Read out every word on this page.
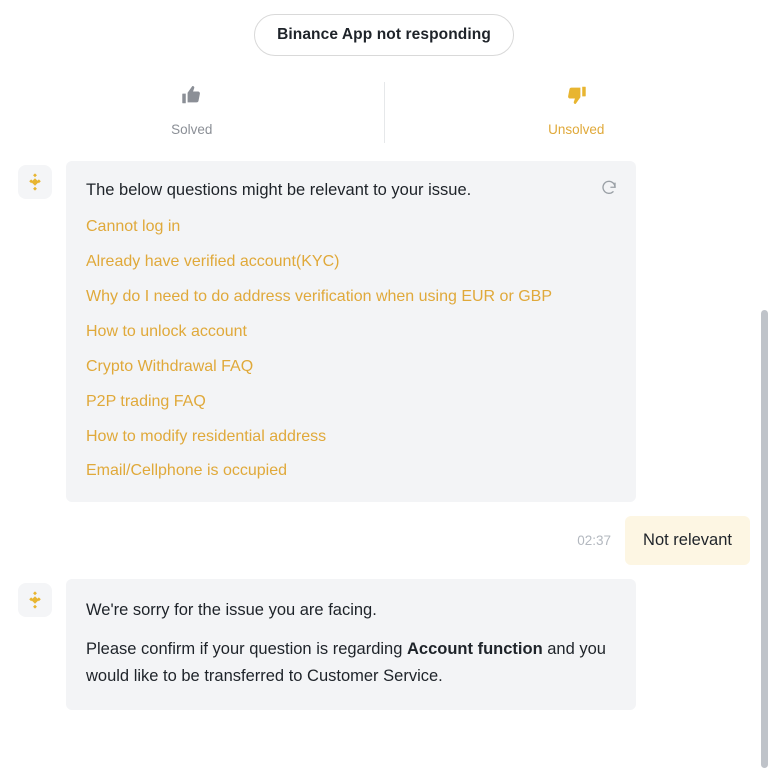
Binance App not responding
Solved	Unsolved
The below questions might be relevant to your issue.
Cannot log in
Already have verified account(KYC)
Why do I need to do address verification when using EUR or GBP
How to unlock account
Crypto Withdrawal FAQ
P2P trading FAQ
How to modify residential address
Email/Cellphone is occupied
02:37	Not relevant

We're sorry for the issue you are facing.

Please confirm if your question is regarding Account function and you would like to be transferred to Customer Service.
